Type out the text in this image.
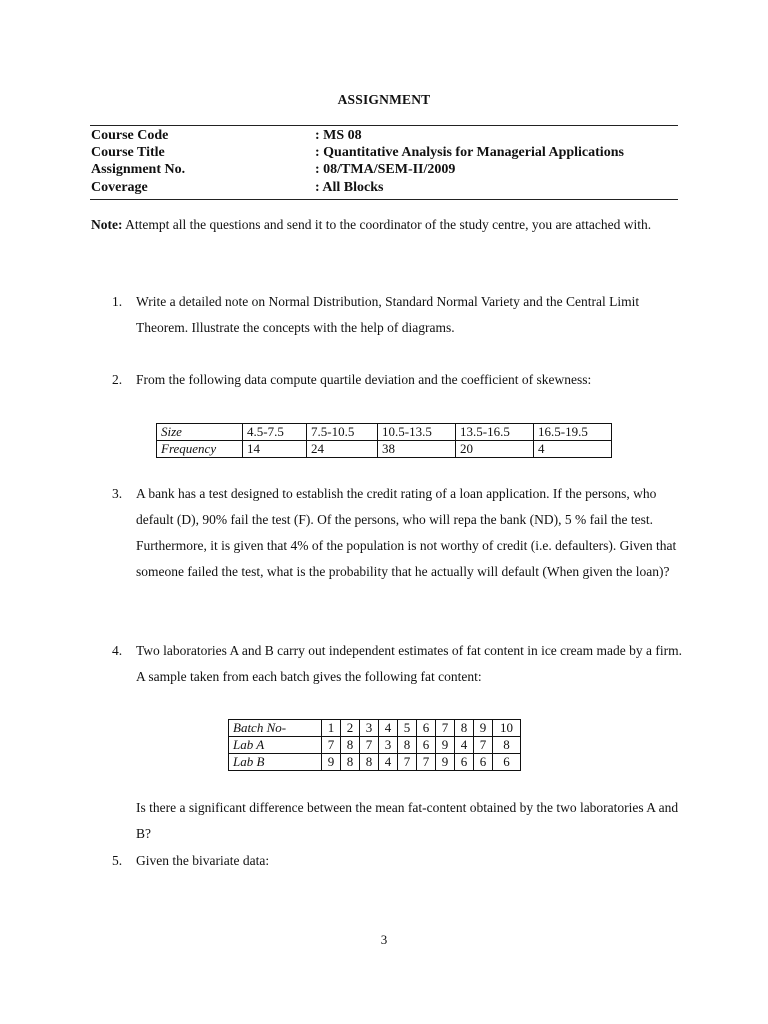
ASSIGNMENT
Course Code	: MS 08
Course Title	: Quantitative Analysis for Managerial Applications
Assignment No.	: 08/TMA/SEM-II/2009
Coverage	: All Blocks
Note: Attempt all the questions and send it to the coordinator of the study centre, you are attached with.
1. Write a detailed note on Normal Distribution, Standard Normal Variety and the Central Limit Theorem. Illustrate the concepts with the help of diagrams.
2. From the following data compute quartile deviation and the coefficient of skewness:
Size	4.5-7.5	7.5-10.5	10.5-13.5	13.5-16.5	16.5-19.5
Frequency	14	24	38	20	4
3. A bank has a test designed to establish the credit rating of a loan application. If the persons, who default (D), 90% fail the test (F). Of the persons, who will repa the bank (ND), 5 % fail the test. Furthermore, it is given that 4% of the population is not worthy of credit (i.e. defaulters). Given that someone failed the test, what is the probability that he actually will default (When given the loan)?
4. Two laboratories A and B carry out independent estimates of fat content in ice cream made by a firm. A sample taken from each batch gives the following fat content:
Batch No-	1	2	3	4	5	6	7	8	9	10
Lab A	7	8	7	3	8	6	9	4	7	8
Lab B	9	8	8	4	7	7	9	6	6	6
Is there a significant difference between the mean fat-content obtained by the two laboratories A and B?
5. Given the bivariate data:
3
